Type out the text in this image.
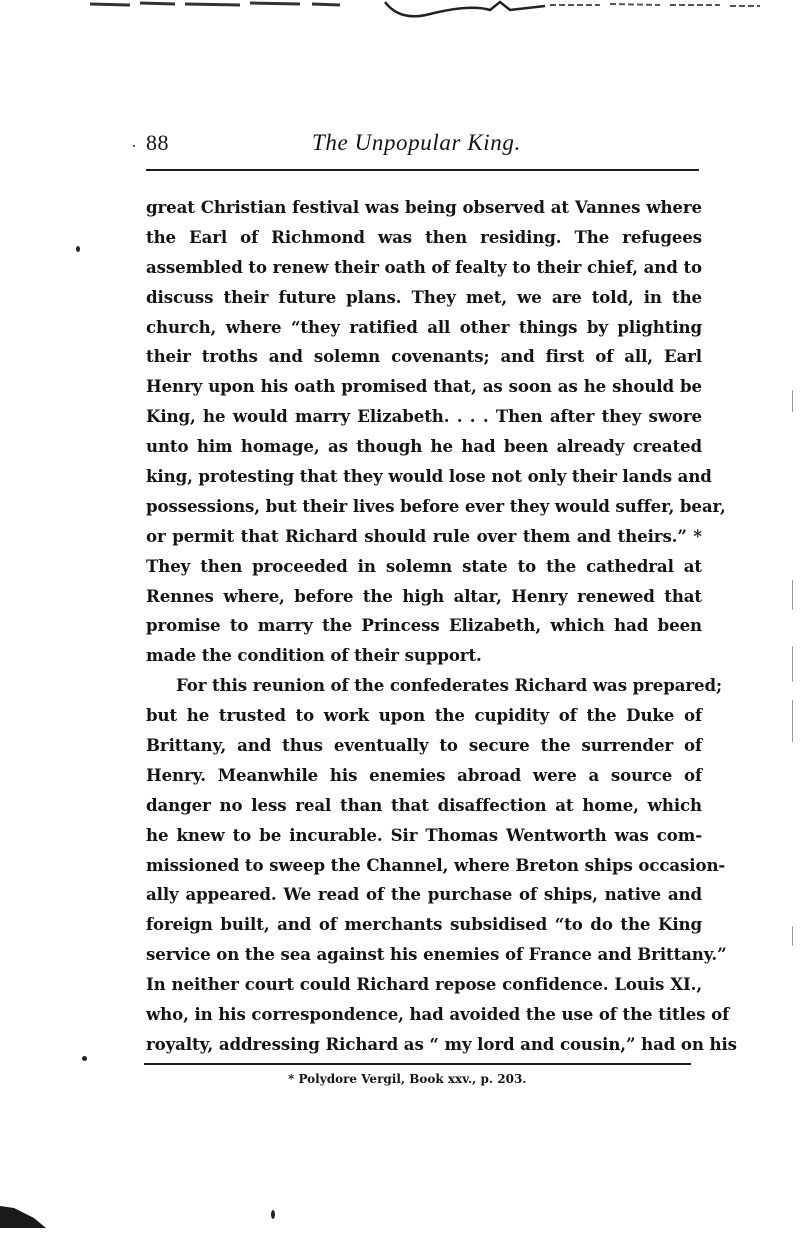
88	The Unpopular King.
great Christian festival was being observed at Vannes where
the Earl of Richmond was then residing. The refugees
assembled to renew their oath of fealty to their chief, and to
discuss their future plans. They met, we are told, in the
church, where “they ratified all other things by plighting
their troths and solemn covenants; and first of all, Earl
Henry upon his oath promised that, as soon as he should be
King, he would marry Elizabeth. . . . Then after they swore
unto him homage, as though he had been already created
king, protesting that they would lose not only their lands and
possessions, but their lives before ever they would suffer, bear,
or permit that Richard should rule over them and theirs.” *
They then proceeded in solemn state to the cathedral at
Rennes where, before the high altar, Henry renewed that
promise to marry the Princess Elizabeth, which had been
made the condition of their support.
For this reunion of the confederates Richard was prepared;
but he trusted to work upon the cupidity of the Duke of
Brittany, and thus eventually to secure the surrender of
Henry. Meanwhile his enemies abroad were a source of
danger no less real than that disaffection at home, which
he knew to be incurable. Sir Thomas Wentworth was com-
missioned to sweep the Channel, where Breton ships occasion-
ally appeared. We read of the purchase of ships, native and
foreign built, and of merchants subsidised “to do the King
service on the sea against his enemies of France and Brittany.”
In neither court could Richard repose confidence. Louis XI.,
who, in his correspondence, had avoided the use of the titles of
royalty, addressing Richard as “ my lord and cousin,” had on his
* Polydore Vergil, Book xxv., p. 203.
